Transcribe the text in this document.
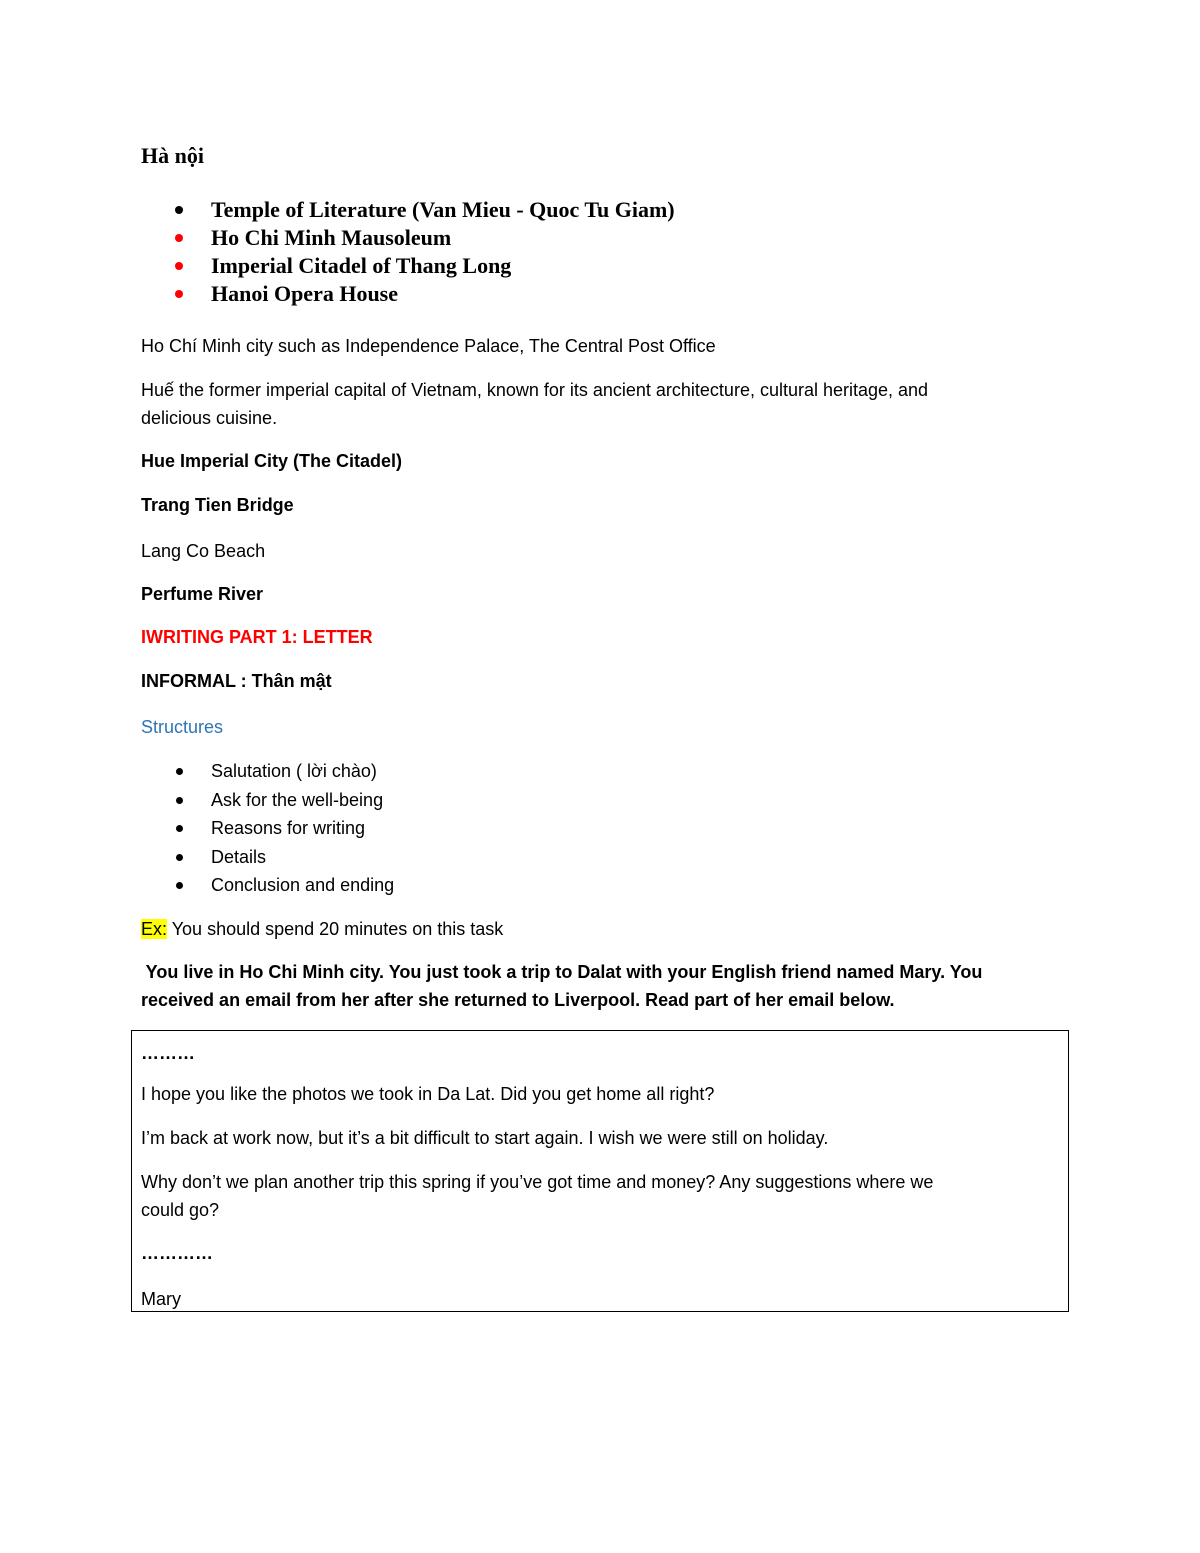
Hà nội
Temple of Literature (Van Mieu - Quoc Tu Giam)
Ho Chi Minh Mausoleum
Imperial Citadel of Thang Long
Hanoi Opera House
Ho Chí Minh city such as Independence Palace, The Central Post Office
Huế the former imperial capital of Vietnam, known for its ancient architecture, cultural heritage, and
delicious cuisine.
Hue Imperial City (The Citadel)
Trang Tien Bridge
Lang Co Beach
Perfume River
IWRITING PART 1: LETTER
INFORMAL : Thân mật
Structures
Salutation ( lời chào)
Ask for the well-being
Reasons for writing
Details
Conclusion and ending
Ex: You should spend 20 minutes on this task
You live in Ho Chi Minh city. You just took a trip to Dalat with your English friend named Mary. You
received an email from her after she returned to Liverpool. Read part of her email below.
………
I hope you like the photos we took in Da Lat. Did you get home all right?
I’m back at work now, but it’s a bit difficult to start again. I wish we were still on holiday.
Why don’t we plan another trip this spring if you’ve got time and money? Any suggestions where we
could go?
…………
Mary
